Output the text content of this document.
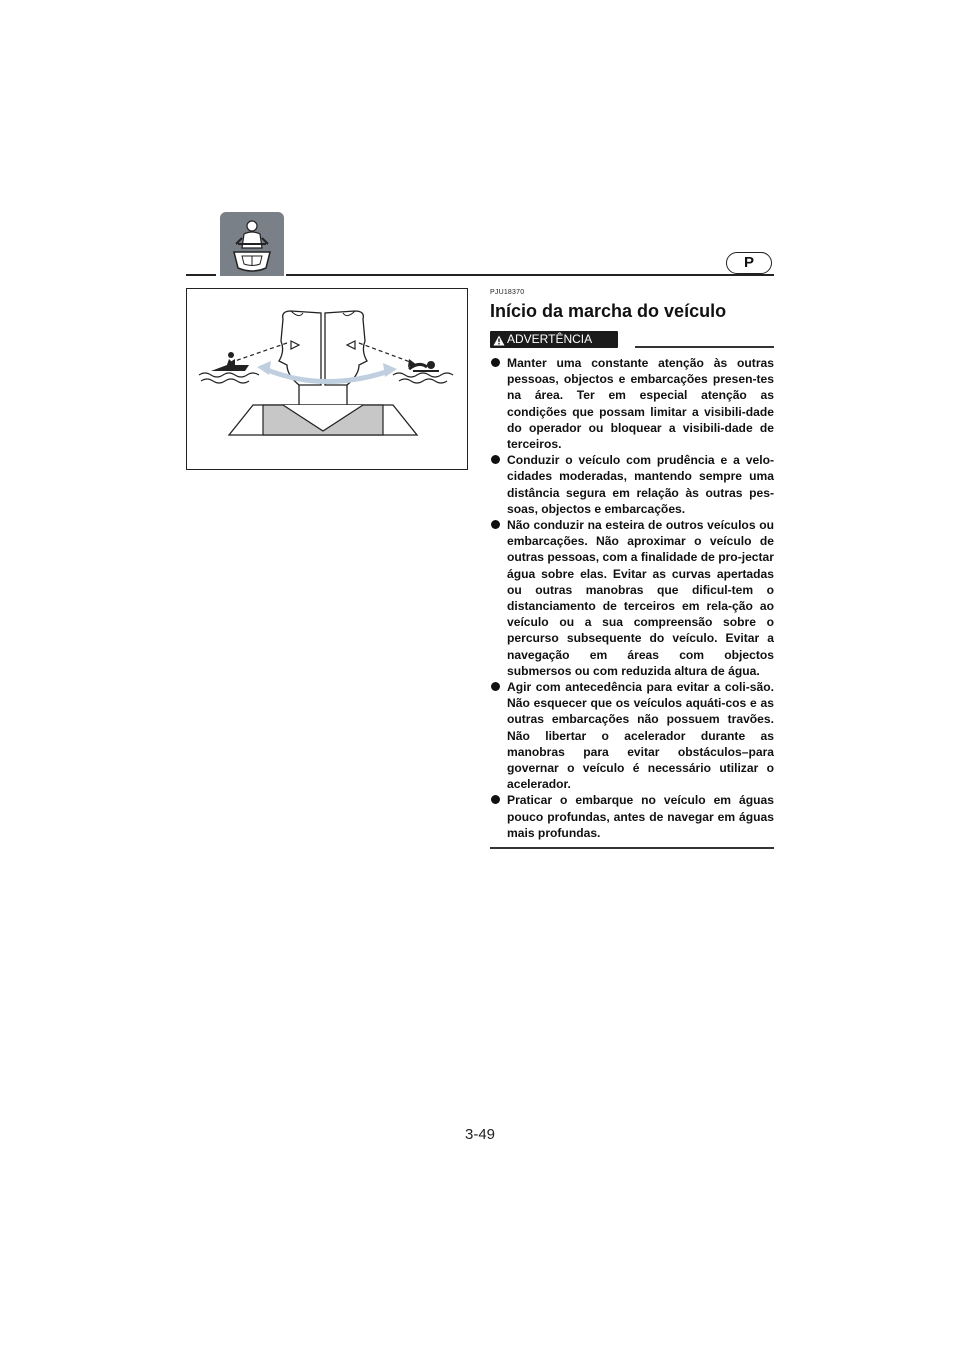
P
PJU18370
Início da marcha do veículo
ADVERTÊNCIA
Manter uma constante atenção às outras pessoas, objectos e embarcações presen-tes na área. Ter em especial atenção as condições que possam limitar a visibili-dade do operador ou bloquear a visibili-dade de terceiros.
Conduzir o veículo com prudência e a velo-cidades moderadas, mantendo sempre uma distância segura em relação às outras pes-soas, objectos e embarcações.
Não conduzir na esteira de outros veículos ou embarcações. Não aproximar o veículo de outras pessoas, com a finalidade de pro-jectar água sobre elas. Evitar as curvas apertadas ou outras manobras que dificul-tem o distanciamento de terceiros em rela-ção ao veículo ou a sua compreensão sobre o percurso subsequente do veículo. Evitar a navegação em áreas com objectos submersos ou com reduzida altura de água.
Agir com antecedência para evitar a coli-são. Não esquecer que os veículos aquáti-cos e as outras embarcações não possuem travões. Não libertar o acelerador durante as manobras para evitar obstáculos–para governar o veículo é necessário utilizar o acelerador.
Praticar o embarque no veículo em águas pouco profundas, antes de navegar em águas mais profundas.
3-49
